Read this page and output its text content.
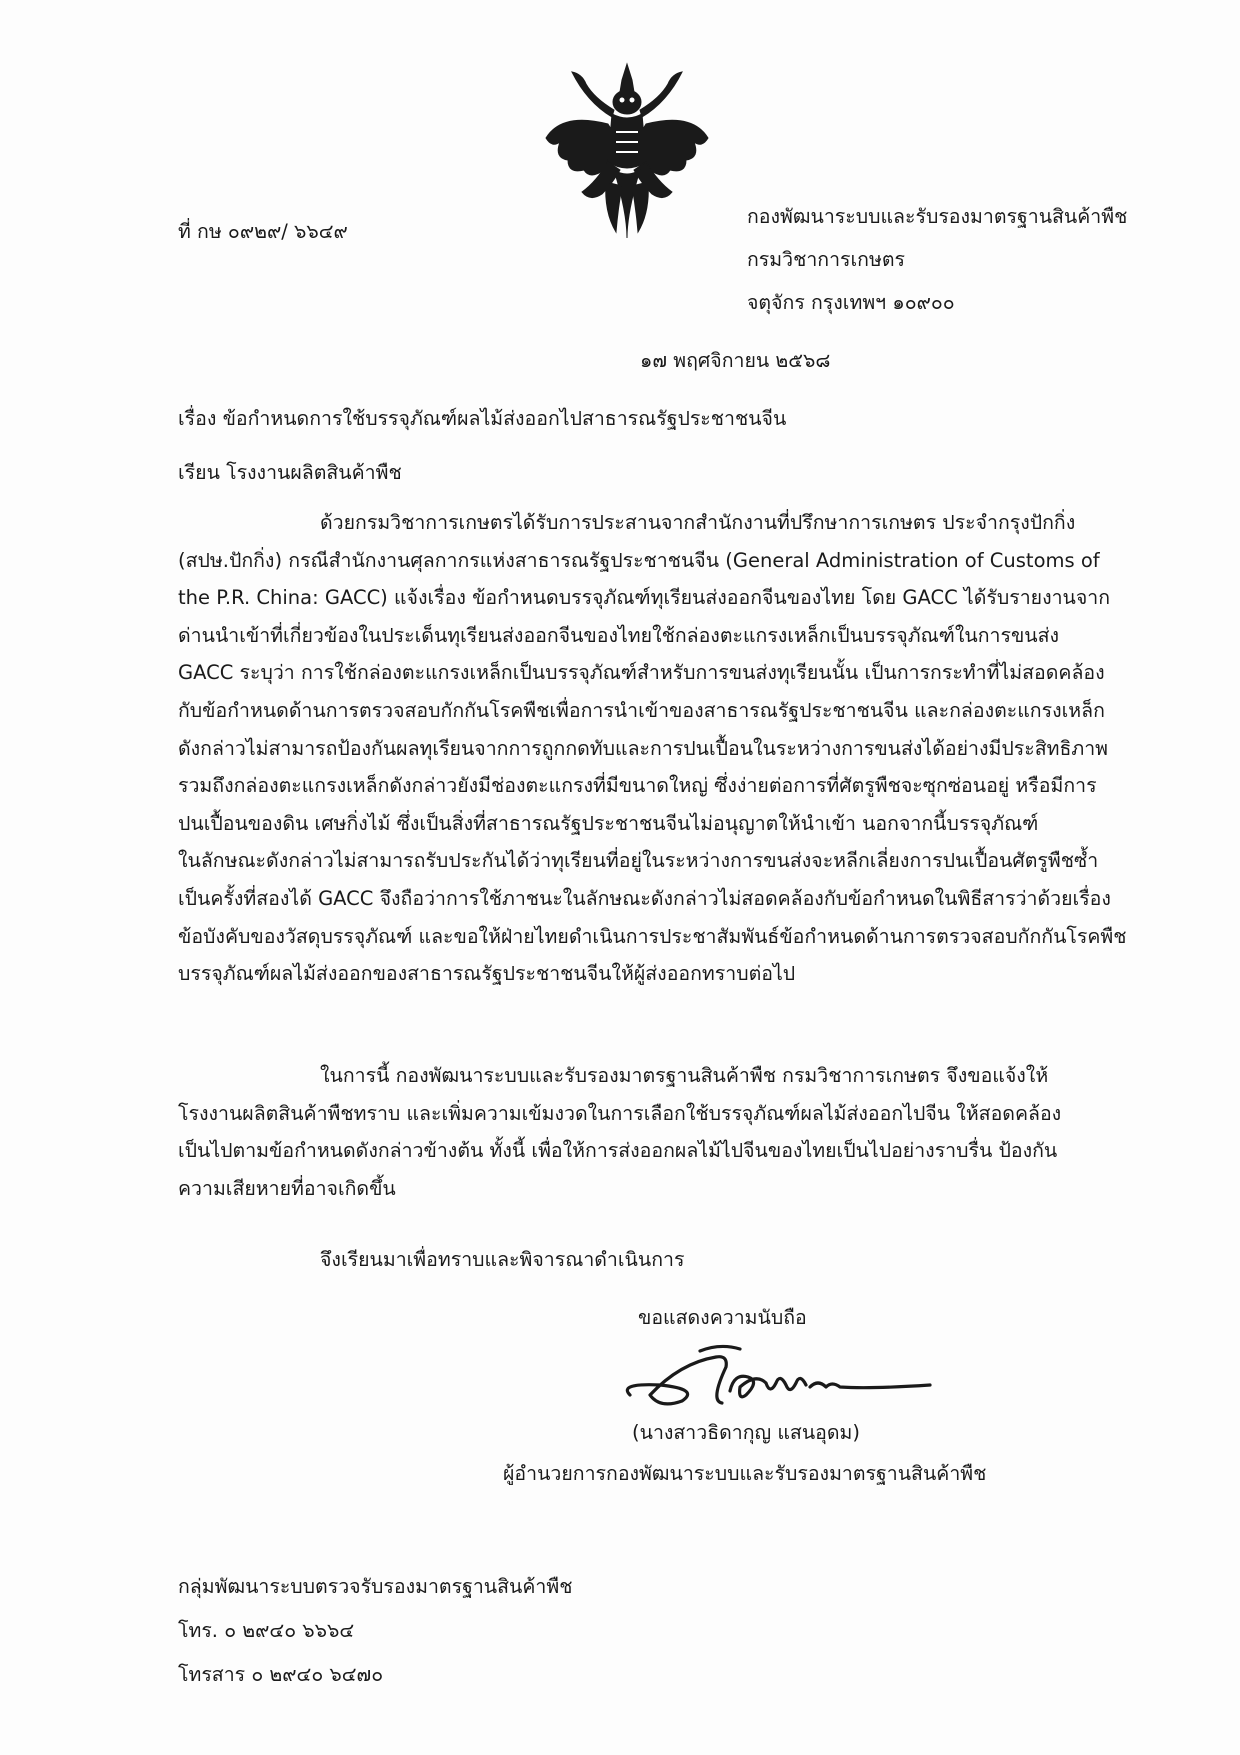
ที่ กษ ๐๙๒๙/ ๖๖๔๙
กองพัฒนาระบบและรับรองมาตรฐานสินค้าพืช
กรมวิชาการเกษตร
จตุจักร กรุงเทพฯ ๑๐๙๐๐
๑๗ พฤศจิกายน ๒๕๖๘
เรื่อง ข้อกำหนดการใช้บรรจุภัณฑ์ผลไม้ส่งออกไปสาธารณรัฐประชาชนจีน
เรียน โรงงานผลิตสินค้าพืช
ด้วยกรมวิชาการเกษตรได้รับการประสานจากสำนักงานที่ปรึกษาการเกษตร ประจำกรุงปักกิ่ง
(สปษ.ปักกิ่ง) กรณีสำนักงานศุลกากรแห่งสาธารณรัฐประชาชนจีน (General Administration of Customs of
the P.R. China: GACC) แจ้งเรื่อง ข้อกำหนดบรรจุภัณฑ์ทุเรียนส่งออกจีนของไทย โดย GACC ได้รับรายงานจาก
ด่านนำเข้าที่เกี่ยวข้องในประเด็นทุเรียนส่งออกจีนของไทยใช้กล่องตะแกรงเหล็กเป็นบรรจุภัณฑ์ในการขนส่ง
GACC ระบุว่า การใช้กล่องตะแกรงเหล็กเป็นบรรจุภัณฑ์สำหรับการขนส่งทุเรียนนั้น เป็นการกระทำที่ไม่สอดคล้อง
กับข้อกำหนดด้านการตรวจสอบกักกันโรคพืชเพื่อการนำเข้าของสาธารณรัฐประชาชนจีน และกล่องตะแกรงเหล็ก
ดังกล่าวไม่สามารถป้องกันผลทุเรียนจากการถูกกดทับและการปนเปื้อนในระหว่างการขนส่งได้อย่างมีประสิทธิภาพ
รวมถึงกล่องตะแกรงเหล็กดังกล่าวยังมีช่องตะแกรงที่มีขนาดใหญ่ ซึ่งง่ายต่อการที่ศัตรูพืชจะซุกซ่อนอยู่ หรือมีการ
ปนเปื้อนของดิน เศษกิ่งไม้ ซึ่งเป็นสิ่งที่สาธารณรัฐประชาชนจีนไม่อนุญาตให้นำเข้า นอกจากนี้บรรจุภัณฑ์
ในลักษณะดังกล่าวไม่สามารถรับประกันได้ว่าทุเรียนที่อยู่ในระหว่างการขนส่งจะหลีกเลี่ยงการปนเปื้อนศัตรูพืชซ้ำ
เป็นครั้งที่สองได้ GACC จึงถือว่าการใช้ภาชนะในลักษณะดังกล่าวไม่สอดคล้องกับข้อกำหนดในพิธีสารว่าด้วยเรื่อง
ข้อบังคับของวัสดุบรรจุภัณฑ์ และขอให้ฝ่ายไทยดำเนินการประชาสัมพันธ์ข้อกำหนดด้านการตรวจสอบกักกันโรคพืช
บรรจุภัณฑ์ผลไม้ส่งออกของสาธารณรัฐประชาชนจีนให้ผู้ส่งออกทราบต่อไป
ในการนี้ กองพัฒนาระบบและรับรองมาตรฐานสินค้าพืช กรมวิชาการเกษตร จึงขอแจ้งให้
โรงงานผลิตสินค้าพืชทราบ และเพิ่มความเข้มงวดในการเลือกใช้บรรจุภัณฑ์ผลไม้ส่งออกไปจีน ให้สอดคล้อง
เป็นไปตามข้อกำหนดดังกล่าวข้างต้น ทั้งนี้ เพื่อให้การส่งออกผลไม้ไปจีนของไทยเป็นไปอย่างราบรื่น ป้องกัน
ความเสียหายที่อาจเกิดขึ้น
จึงเรียนมาเพื่อทราบและพิจารณาดำเนินการ
ขอแสดงความนับถือ
(นางสาวธิดากุญ แสนอุดม)
ผู้อำนวยการกองพัฒนาระบบและรับรองมาตรฐานสินค้าพืช
กลุ่มพัฒนาระบบตรวจรับรองมาตรฐานสินค้าพืช
โทร. ๐ ๒๙๔๐ ๖๖๖๔
โทรสาร ๐ ๒๙๔๐ ๖๔๗๐
